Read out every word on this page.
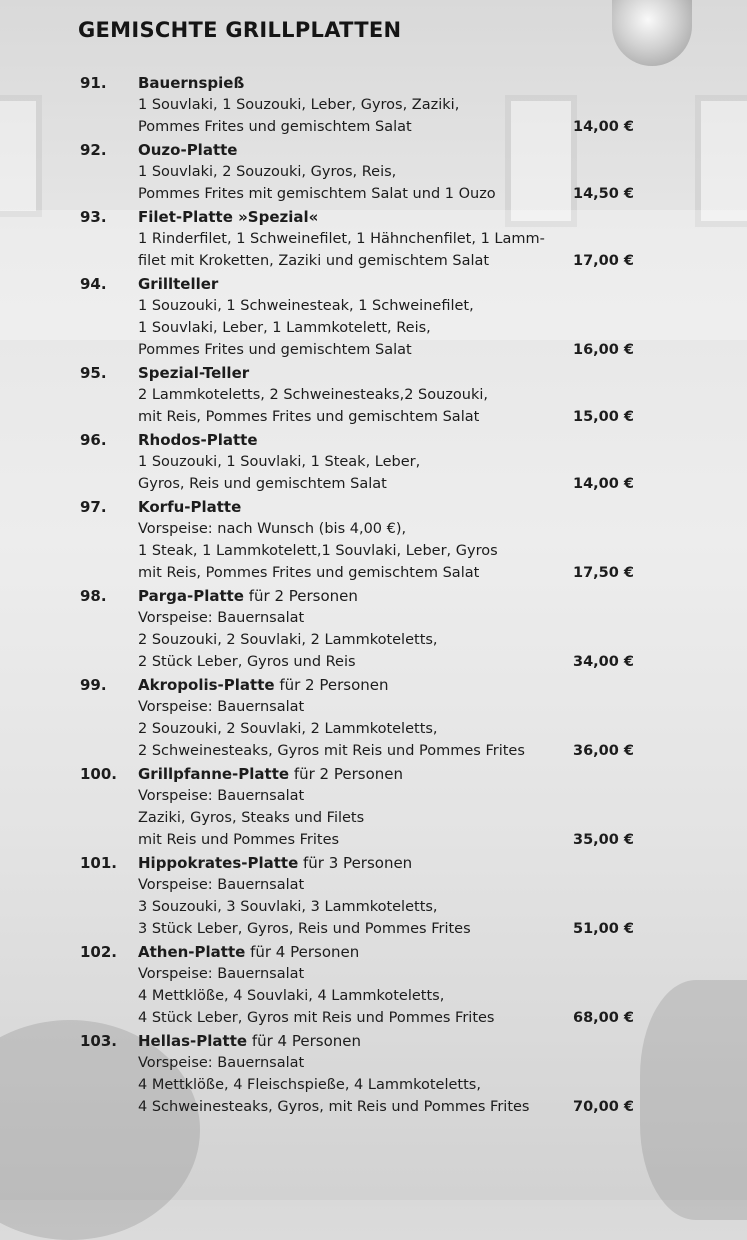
GEMISCHTE GRILLPLATTEN
91.	Bauernspieß
1 Souvlaki, 1 Souzouki, Leber, Gyros, Zaziki,
Pommes Frites und gemischtem Salat	14,00 €
92.	Ouzo-Platte
1 Souvlaki, 2 Souzouki, Gyros, Reis,
Pommes Frites mit gemischtem Salat und 1 Ouzo	14,50 €
93.	Filet-Platte »Spezial«
1 Rinderfilet, 1 Schweinefilet, 1 Hähnchenfilet, 1 Lamm-
filet mit Kroketten, Zaziki und gemischtem Salat	17,00 €
94.	Grillteller
1 Souzouki, 1 Schweinesteak, 1 Schweinefilet,
1 Souvlaki, Leber, 1 Lammkotelett, Reis,
Pommes Frites und gemischtem Salat	16,00 €
95.	Spezial-Teller
2 Lammkoteletts, 2 Schweinesteaks,2 Souzouki,
mit Reis, Pommes Frites und gemischtem Salat	15,00 €
96.	Rhodos-Platte
1 Souzouki, 1 Souvlaki, 1 Steak, Leber,
Gyros, Reis und gemischtem Salat	14,00 €
97.	Korfu-Platte
Vorspeise: nach Wunsch (bis 4,00 €),
1 Steak, 1 Lammkotelett,1 Souvlaki, Leber, Gyros
mit Reis, Pommes Frites und gemischtem Salat	17,50 €
98.	Parga-Platte für 2 Personen
Vorspeise: Bauernsalat
2 Souzouki, 2 Souvlaki, 2 Lammkoteletts,
2 Stück Leber, Gyros und Reis	34,00 €
99.	Akropolis-Platte für 2 Personen
Vorspeise: Bauernsalat
2 Souzouki, 2 Souvlaki, 2 Lammkoteletts,
2 Schweinesteaks, Gyros mit Reis und Pommes Frites	36,00 €
100.	Grillpfanne-Platte für 2 Personen
Vorspeise: Bauernsalat
Zaziki, Gyros, Steaks und Filets
mit Reis und Pommes Frites	35,00 €
101.	Hippokrates-Platte für 3 Personen
Vorspeise: Bauernsalat
3 Souzouki, 3 Souvlaki, 3 Lammkoteletts,
3 Stück Leber, Gyros, Reis und Pommes Frites	51,00 €
102.	Athen-Platte für 4 Personen
Vorspeise: Bauernsalat
4 Mettklöße, 4 Souvlaki, 4 Lammkoteletts,
4 Stück Leber, Gyros mit Reis und Pommes Frites	68,00 €
103.	Hellas-Platte für 4 Personen
Vorspeise: Bauernsalat
4 Mettklöße, 4 Fleischspieße, 4 Lammkoteletts,
4 Schweinesteaks, Gyros, mit Reis und Pommes Frites	70,00 €
